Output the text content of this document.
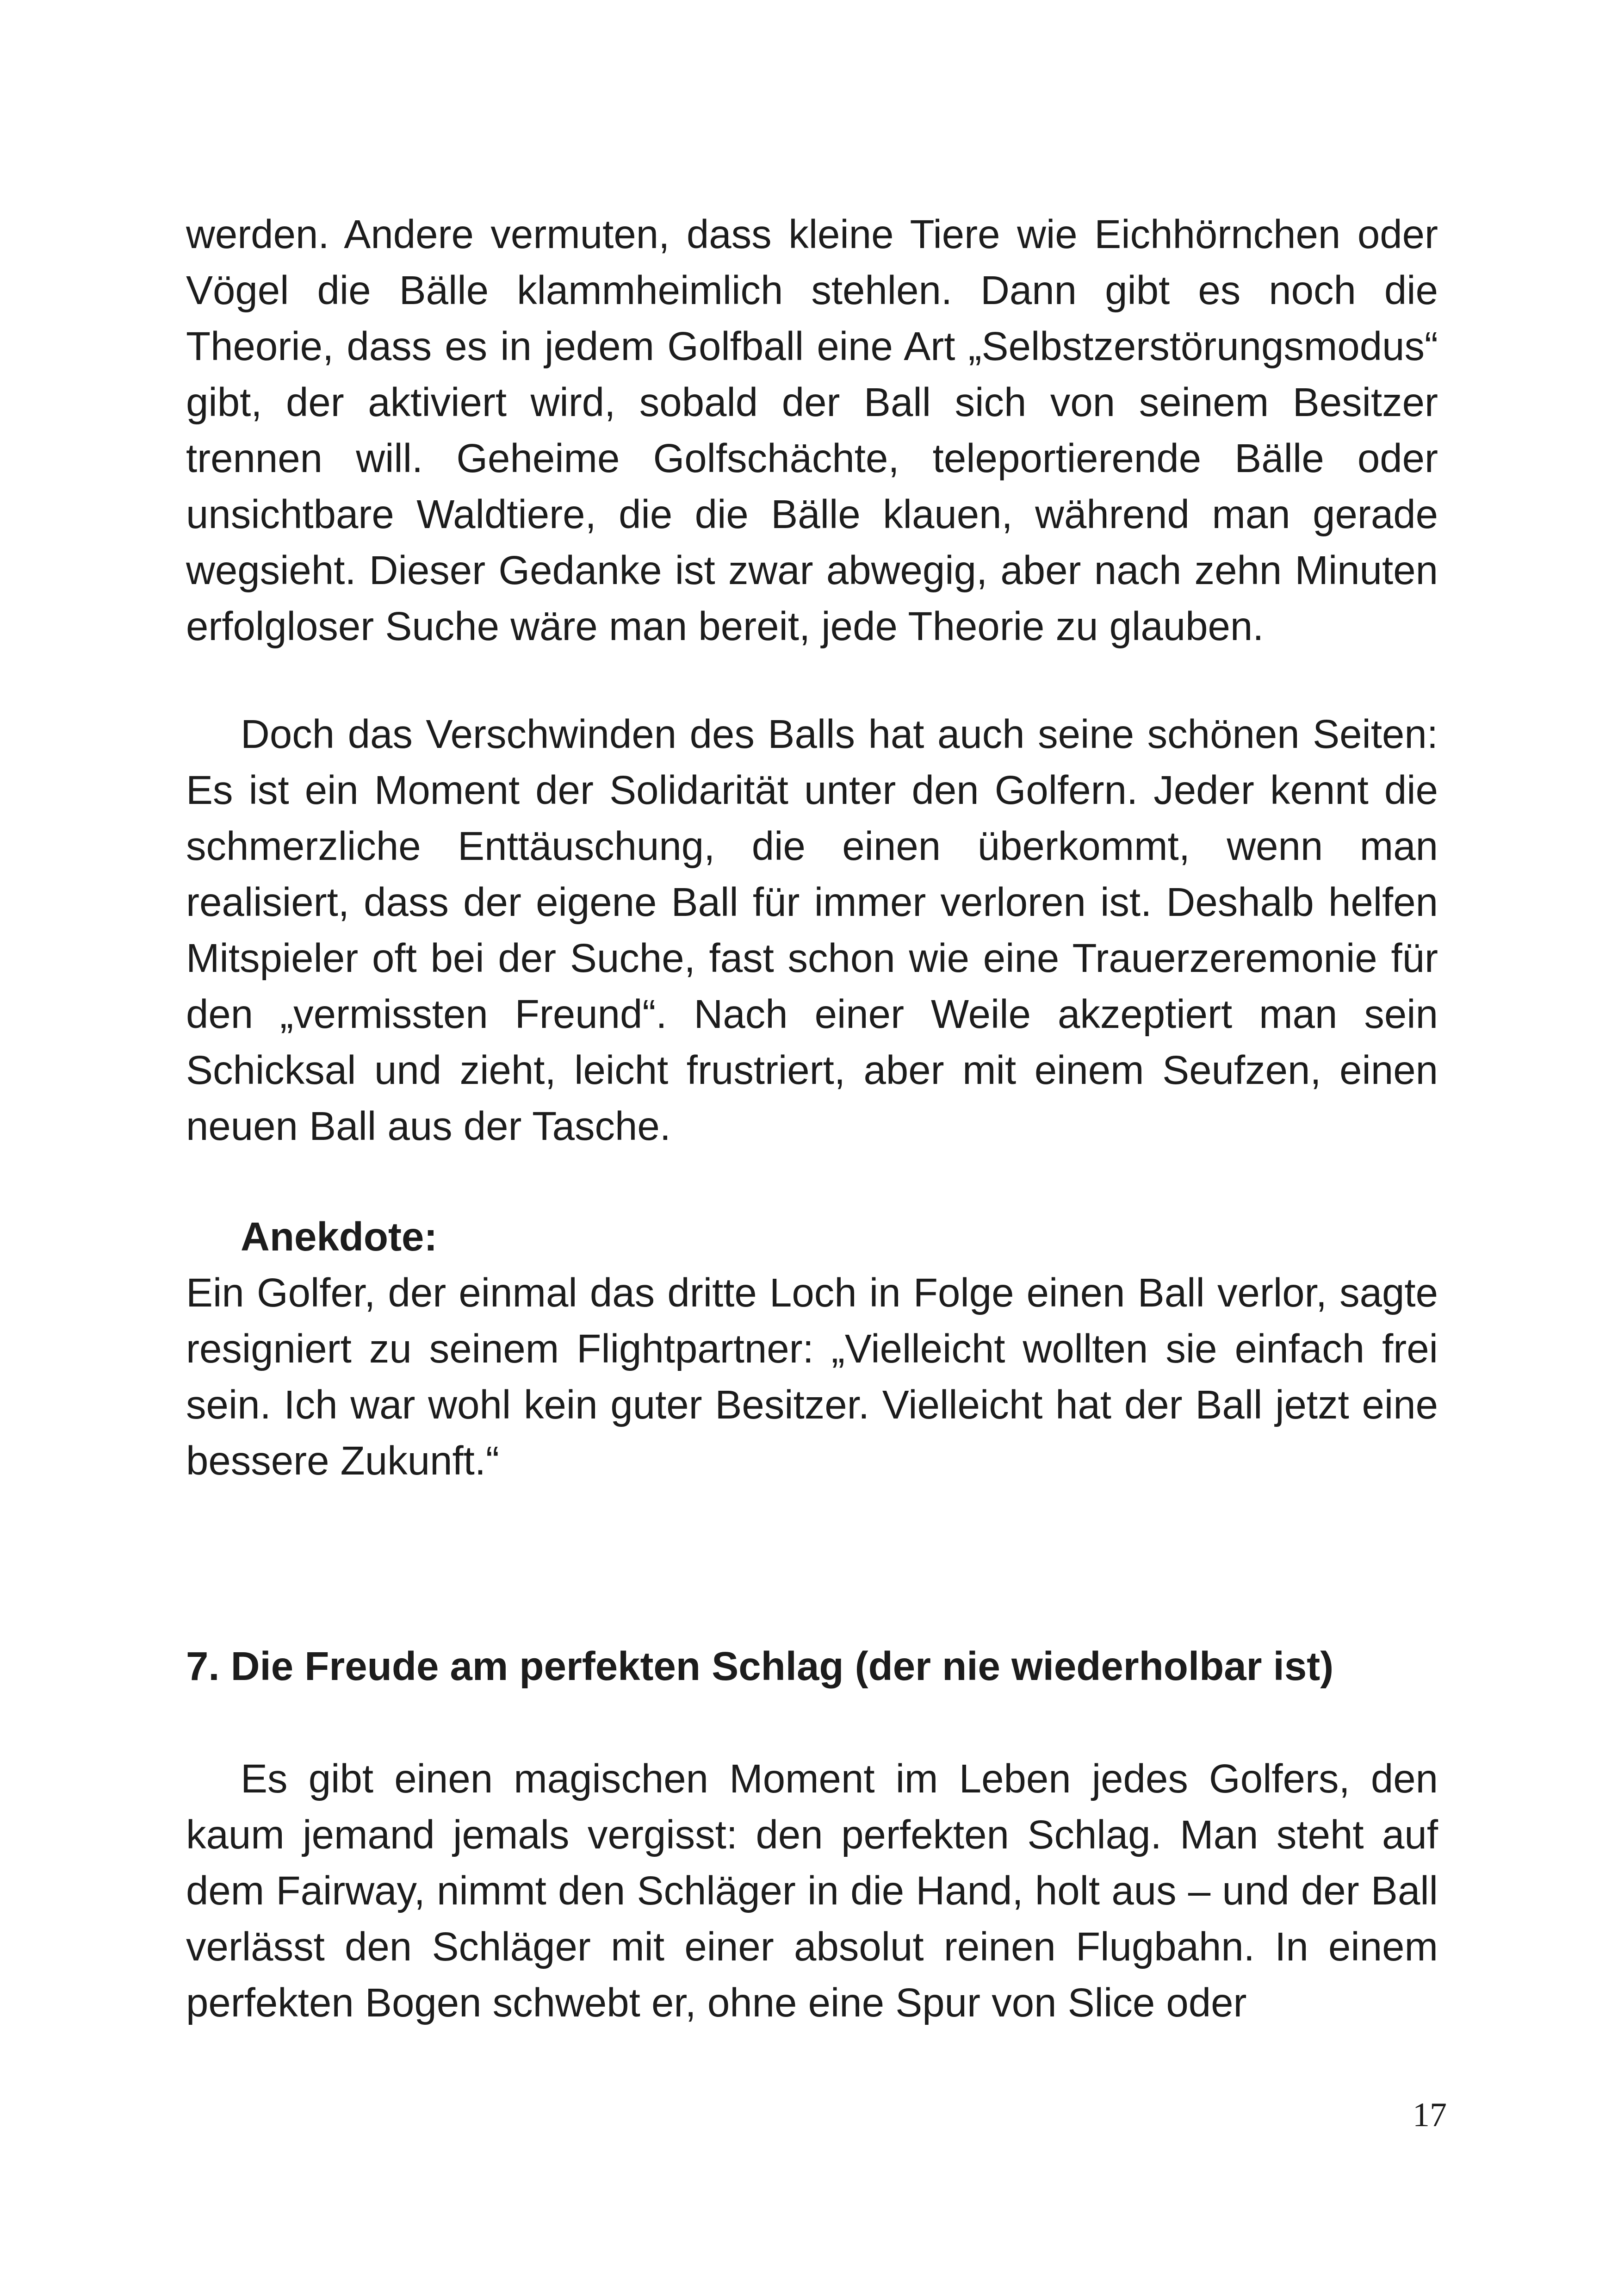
werden. Andere vermuten, dass kleine Tiere wie Eichhörnchen oder Vögel die Bälle klammheimlich stehlen. Dann gibt es noch die Theorie, dass es in jedem Golfball eine Art „Selbstzerstörungsmodus“ gibt, der aktiviert wird, sobald der Ball sich von seinem Besitzer trennen will. Geheime Golfschächte, teleportierende Bälle oder unsichtbare Waldtiere, die die Bälle klauen, während man gerade wegsieht. Dieser Gedanke ist zwar abwegig, aber nach zehn Minuten erfolgloser Suche wäre man bereit, jede Theorie zu glauben.

Doch das Verschwinden des Balls hat auch seine schönen Seiten: Es ist ein Moment der Solidarität unter den Golfern. Jeder kennt die schmerzliche Enttäuschung, die einen überkommt, wenn man realisiert, dass der eigene Ball für immer verloren ist. Deshalb helfen Mitspieler oft bei der Suche, fast schon wie eine Trauerzeremonie für den „vermissten Freund“. Nach einer Weile akzeptiert man sein Schicksal und zieht, leicht frustriert, aber mit einem Seufzen, einen neuen Ball aus der Tasche.

Anekdote:

Ein Golfer, der einmal das dritte Loch in Folge einen Ball verlor, sagte resigniert zu seinem Flightpartner: „Vielleicht wollten sie einfach frei sein. Ich war wohl kein guter Besitzer. Vielleicht hat der Ball jetzt eine bessere Zukunft.“

7. Die Freude am perfekten Schlag (der nie wiederholbar ist)

Es gibt einen magischen Moment im Leben jedes Golfers, den kaum jemand jemals vergisst: den perfekten Schlag. Man steht auf dem Fairway, nimmt den Schläger in die Hand, holt aus – und der Ball verlässt den Schläger mit einer absolut reinen Flugbahn. In einem perfekten Bogen schwebt er, ohne eine Spur von Slice oder

17
